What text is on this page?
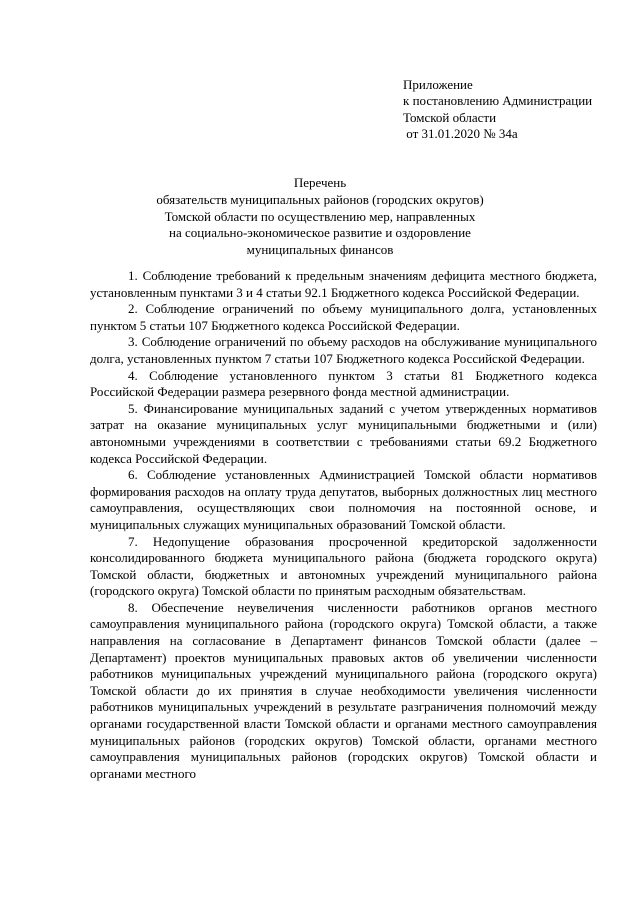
Приложение
к постановлению Администрации
Томской области
от 31.01.2020 № 34а
Перечень
обязательств муниципальных районов (городских округов)
Томской области по осуществлению мер, направленных
на социально-экономическое развитие и оздоровление
муниципальных финансов

1. Соблюдение требований к предельным значениям дефицита местного бюджета, установленным пунктами 3 и 4 статьи 92.1 Бюджетного кодекса Российской Федерации.

2. Соблюдение ограничений по объему муниципального долга, установленных пунктом 5 статьи 107 Бюджетного кодекса Российской Федерации.

3. Соблюдение ограничений по объему расходов на обслуживание муниципального долга, установленных пунктом 7 статьи 107 Бюджетного кодекса Российской Федерации.

4. Соблюдение установленного пунктом 3 статьи 81 Бюджетного кодекса Российской Федерации размера резервного фонда местной администрации.

5. Финансирование муниципальных заданий с учетом утвержденных нормативов затрат на оказание муниципальных услуг муниципальными бюджетными и (или) автономными учреждениями в соответствии с требованиями статьи 69.2 Бюджетного кодекса Российской Федерации.

6. Соблюдение установленных Администрацией Томской области нормативов формирования расходов на оплату труда депутатов, выборных должностных лиц местного самоуправления, осуществляющих свои полномочия на постоянной основе, и муниципальных служащих муниципальных образований Томской области.

7. Недопущение образования просроченной кредиторской задолженности консолидированного бюджета муниципального района (бюджета городского округа) Томской области, бюджетных и автономных учреждений муниципального района (городского округа) Томской области по принятым расходным обязательствам.

8. Обеспечение неувеличения численности работников органов местного самоуправления муниципального района (городского округа) Томской области, а также направления на согласование в Департамент финансов Томской области (далее – Департамент) проектов муниципальных правовых актов об увеличении численности работников муниципальных учреждений муниципального района (городского округа) Томской области до их принятия в случае необходимости увеличения численности работников муниципальных учреждений в результате разграничения полномочий между органами государственной власти Томской области и органами местного самоуправления муниципальных районов (городских округов) Томской области, органами местного самоуправления муниципальных районов (городских округов) Томской области и органами местного
